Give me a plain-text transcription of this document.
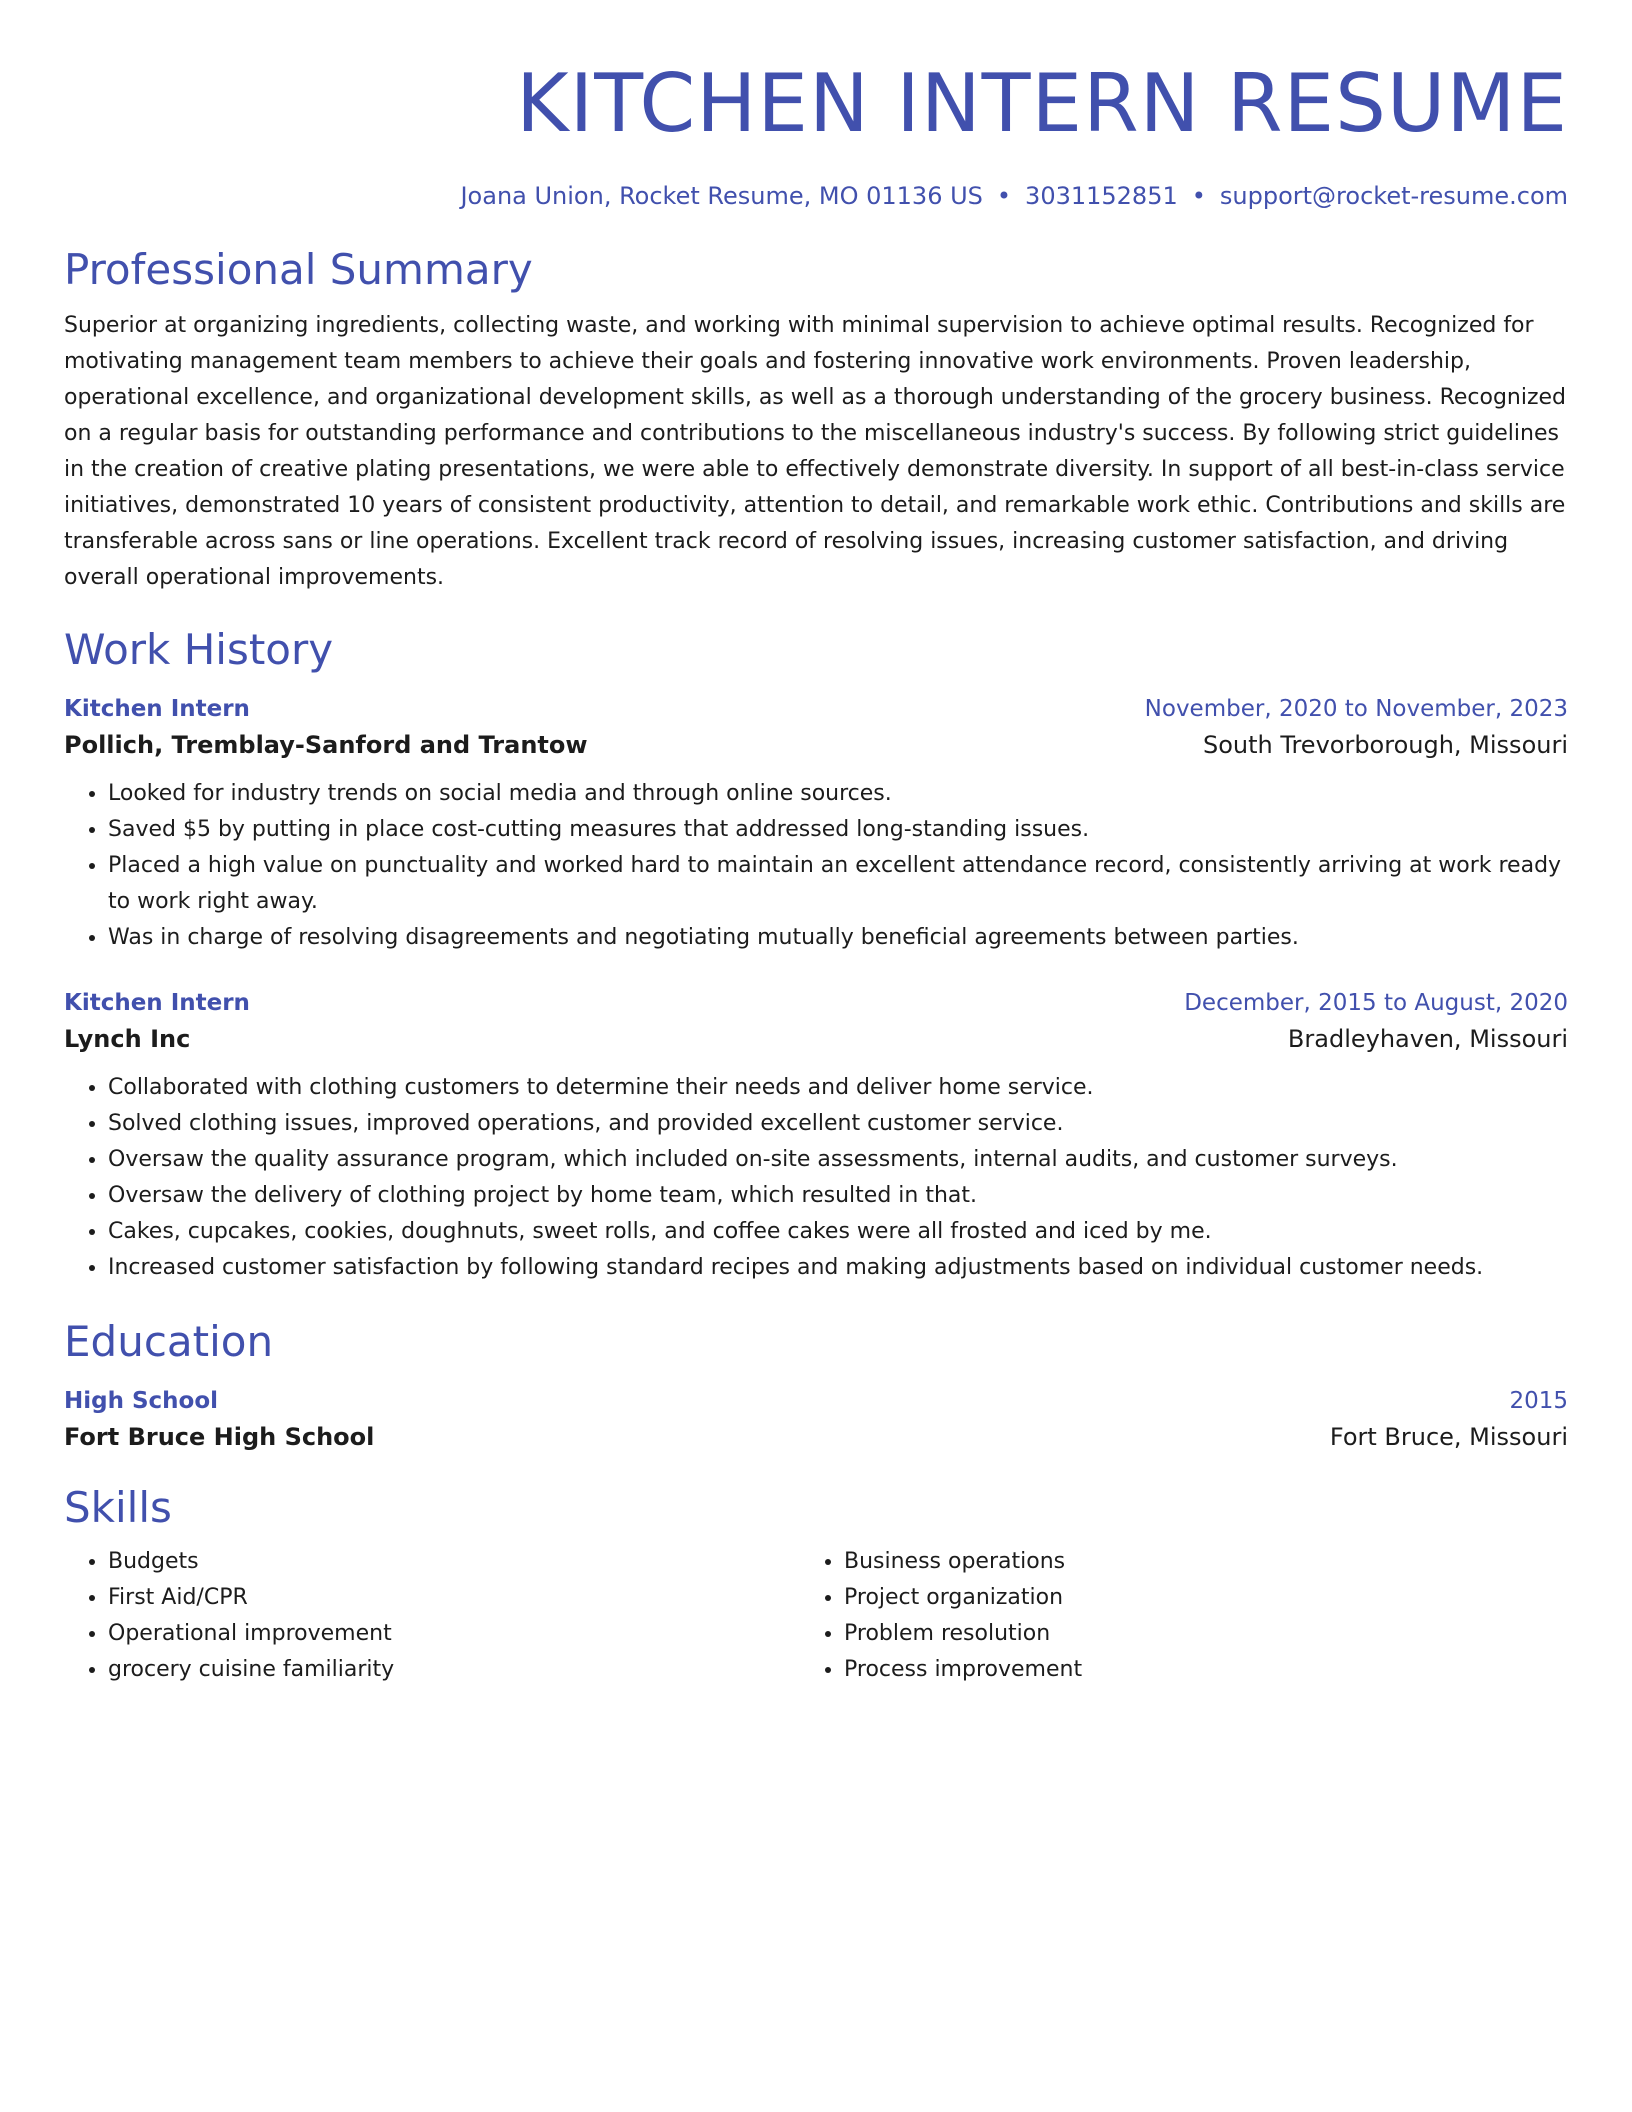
KITCHEN INTERN RESUME
Joana Union, Rocket Resume, MO 01136 US • 3031152851 • support@rocket-resume.com
Professional Summary

Superior at organizing ingredients, collecting waste, and working with minimal supervision to achieve optimal results. Recognized for motivating management team members to achieve their goals and fostering innovative work environments. Proven leadership, operational excellence, and organizational development skills, as well as a thorough understanding of the grocery business. Recognized on a regular basis for outstanding performance and contributions to the miscellaneous industry's success. By following strict guidelines in the creation of creative plating presentations, we were able to effectively demonstrate diversity. In support of all best-in-class service initiatives, demonstrated 10 years of consistent productivity, attention to detail, and remarkable work ethic. Contributions and skills are transferable across sans or line operations. Excellent track record of resolving issues, increasing customer satisfaction, and driving overall operational improvements.

Work History
Kitchen Intern	November, 2020 to November, 2023
Pollich, Tremblay-Sanford and Trantow	South Trevorborough, Missouri
• Looked for industry trends on social media and through online sources.
• Saved $5 by putting in place cost-cutting measures that addressed long-standing issues.
• Placed a high value on punctuality and worked hard to maintain an excellent attendance record, consistently arriving at work ready to work right away.
• Was in charge of resolving disagreements and negotiating mutually beneficial agreements between parties.
Kitchen Intern	December, 2015 to August, 2020
Lynch Inc	Bradleyhaven, Missouri
• Collaborated with clothing customers to determine their needs and deliver home service.
• Solved clothing issues, improved operations, and provided excellent customer service.
• Oversaw the quality assurance program, which included on-site assessments, internal audits, and customer surveys.
• Oversaw the delivery of clothing project by home team, which resulted in that.
• Cakes, cupcakes, cookies, doughnuts, sweet rolls, and coffee cakes were all frosted and iced by me.
• Increased customer satisfaction by following standard recipes and making adjustments based on individual customer needs.
Education
High School	2015
Fort Bruce High School	Fort Bruce, Missouri
Skills
• Budgets
• First Aid/CPR
• Operational improvement
• grocery cuisine familiarity
• Business operations
• Project organization
• Problem resolution
• Process improvement
